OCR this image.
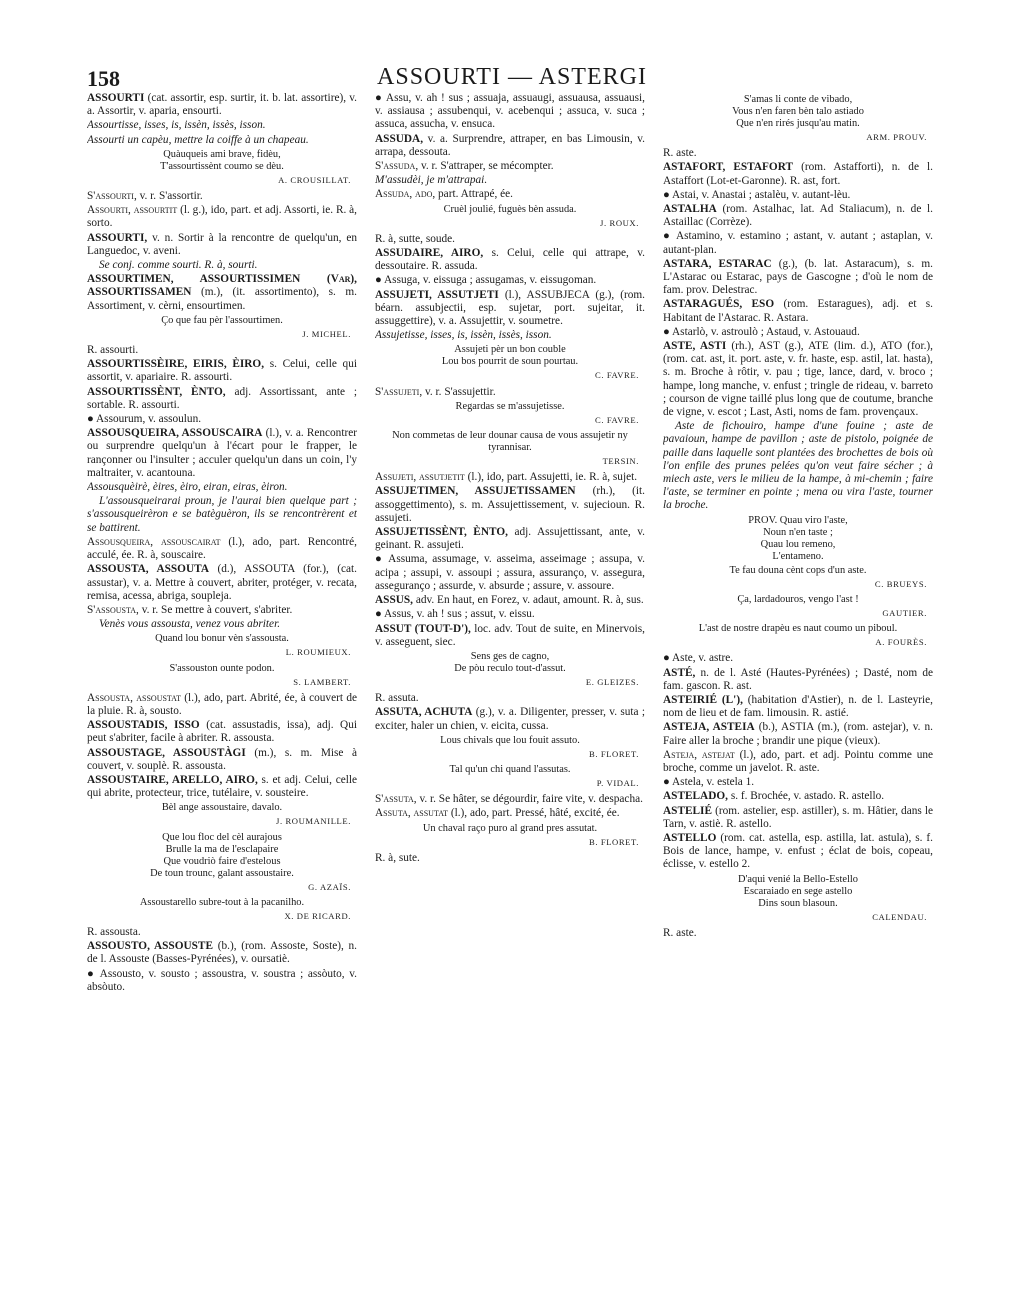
158	ASSOURTI — ASTERGI

ASSOURTI (cat. assortir, esp. surtir, it. b. lat. assortire), v. a. Assortir, v. aparia, ensourti.

Assourtisse, isses, is, issèn, issès, isson.

Assourti un capèu, mettre la coiffe à un chapeau.

Quàuqueis ami brave, fidèu,
T'assourtissènt coumo se dèu.
A. CROUSILLAT.

S'assourti, v. r. S'assortir.

Assourti, assourtit (l. g.), ido, part. et adj. Assorti, ie. R. à, sorto.

ASSOURTI, v. n. Sortir à la rencontre de quelqu'un, en Languedoc, v. aveni.

Se conj. comme sourti. R. à, sourti.

ASSOURTIMEN, ASSOURTISSIMEN (Var), ASSOURTISSAMEN (m.), (it. assortimento), s. m. Assortiment, v. cèrni, ensourtimen.

Ço que fau pèr l'assourtimen.
J. MICHEL.

R. assourti.

ASSOURTISSÈIRE, EIRIS, ÈIRO, s. Celui, celle qui assortit, v. apariaire. R. assourti.

ASSOURTISSÈNT, ÈNTO, adj. Assortissant, ante ; sortable. R. assourti.

● Assourum, v. assoulun.

ASSOUSQUEIRA, ASSOUSCAIRA (l.), v. a. Rencontrer ou surprendre quelqu'un à l'écart pour le frapper, le rançonner ou l'insulter ; acculer quelqu'un dans un coin, l'y maltraiter, v. acantouna.

Assousquèirè, èires, èiro, eiran, eiras, èiron.

L'assousqueirarai proun, je l'aurai bien quelque part ; s'assousqueirèron e se batèguèron, ils se rencontrèrent et se battirent.

Assousqueira, assouscairat (l.), ado, part. Rencontré, acculé, ée. R. à, souscaire.

ASSOUSTA, ASSOUTA (d.), ASSOUTA (for.), (cat. assustar), v. a. Mettre à couvert, abriter, protéger, v. recata, remisa, acessa, abriga, soupleja.

S'assousta, v. r. Se mettre à couvert, s'abriter.

Venès vous assousta, venez vous abriter.

Quand lou bonur vèn s'assousta.
L. ROUMIEUX.
S'assouston ounte podon.
S. LAMBERT.

Assousta, assoustat (l.), ado, part. Abrité, ée, à couvert de la pluie. R. à, sousto.

ASSOUSTADIS, ISSO (cat. assustadis, issa), adj. Qui peut s'abriter, facile à abriter. R. assousta.

ASSOUSTAGE, ASSOUSTÀGI (m.), s. m. Mise à couvert, v. souplè. R. assousta.

ASSOUSTAIRE, ARELLO, AIRO, s. et adj. Celui, celle qui abrite, protecteur, trice, tutélaire, v. sousteire.

Bèl ange assoustaire, davalo.
J. ROUMANILLE.
Que lou floc del cèl aurajous
Brulle la ma de l'esclapaire
Que voudriò faire d'estelous
De toun trounc, galant assoustaire.
G. AZAÏS.
Assoustarello subre-tout à la pacanilho.
X. DE RICARD.

R. assousta.

ASSOUSTO, ASSOUSTE (b.), (rom. Assoste, Soste), n. de l. Assouste (Basses-Pyrénées), v. oursatiè.

● Assousto, v. sousto ; assoustra, v. soustra ; assòuto, v. absòuto.

● Assu, v. ah ! sus ; assuaja, assuaugi, assuausa, assuausi, v. assiausa ; assubenqui, v. acebenqui ; assuca, v. suca ; assuca, assucha, v. ensuca.

ASSUDA, v. a. Surprendre, attraper, en bas Limousin, v. arrapa, dessouta.

S'assuda, v. r. S'attraper, se mécompter.

M'assudèi, je m'attrapai.

Assuda, ado, part. Attrapé, ée.

Cruèl joulié, fuguès bèn assuda.
J. ROUX.

R. à, sutte, soude.

ASSUDAIRE, AIRO, s. Celui, celle qui attrape, v. dessoutaire. R. assuda.

● Assuga, v. eissuga ; assugamas, v. eissugoman.

ASSUJETI, ASSUTJETI (l.), ASSUBJECA (g.), (rom. béarn. assubjectii, esp. sujetar, port. sujeitar, it. assuggettire), v. a. Assujettir, v. soumetre.

Assujetisse, isses, is, issèn, issès, isson.

Assujeti pèr un bon couble
Lou bos pourrit de soun pourtau.
C. FAVRE.

S'assujeti, v. r. S'assujettir.

Regardas se m'assujetisse.
C. FAVRE.
Non commetas de leur dounar causa de vous assujetir ny tyrannisar.
TERSIN.

Assujeti, assutjetit (l.), ido, part. Assujetti, ie. R. à, sujet.

ASSUJETIMEN, ASSUJETISSAMEN (rh.), (it. assoggettimento), s. m. Assujettissement, v. sujecioun. R. assujeti.

ASSUJETISSÈNT, ÈNTO, adj. Assujettissant, ante, v. geinant. R. assujeti.

● Assuma, assumage, v. asseima, asseimage ; assupa, v. acipa ; assupi, v. assoupi ; assura, assuranço, v. assegura, asseguranço ; assurde, v. absurde ; assure, v. assoure.

ASSUS, adv. En haut, en Forez, v. adaut, amount. R. à, sus.

● Assus, v. ah ! sus ; assut, v. eissu.

ASSUT (TOUT-D'), loc. adv. Tout de suite, en Minervois, v. asseguent, siec.

Sens ges de cagno,
De pòu reculo tout-d'assut.
E. GLEIZES.

R. assuta.

ASSUTA, ACHUTA (g.), v. a. Diligenter, presser, v. suta ; exciter, haler un chien, v. eicita, cussa.

Lous chivals que lou fouit assuto.
B. FLORET.
Tal qu'un chi quand l'assutas.
P. VIDAL.

S'assuta, v. r. Se hâter, se dégourdir, faire vite, v. despacha.

Assuta, assutat (l.), ado, part. Pressé, hâté, excité, ée.

Un chaval raço puro al grand pres assutat.
B. FLORET.

R. à, sute.

S'amas li conte de vibado,
Vous n'en faren bèn talo astiado
Que n'en rirés jusqu'au matin.
ARM. PROUV.

R. aste.

ASTAFORT, ESTAFORT (rom. Astafforti), n. de l. Astaffort (Lot-et-Garonne). R. ast, fort.

● Astai, v. Anastai ; astalèu, v. autant-lèu.

ASTALHA (rom. Astalhac, lat. Ad Staliacum), n. de l. Astaillac (Corrèze).

● Astamino, v. estamino ; astant, v. autant ; astaplan, v. autant-plan.

ASTARA, ESTARAC (g.), (b. lat. Astaracum), s. m. L'Astarac ou Estarac, pays de Gascogne ; d'où le nom de fam. prov. Delestrac.

ASTARAGUÉS, ESO (rom. Estaragues), adj. et s. Habitant de l'Astarac. R. Astara.

● Astarlò, v. astroulò ; Astaud, v. Astouaud.

ASTE, ASTI (rh.), AST (g.), ATE (lim. d.), ATO (for.), (rom. cat. ast, it. port. aste, v. fr. haste, esp. astil, lat. hasta), s. m. Broche à rôtir, v. pau ; tige, lance, dard, v. broco ; hampe, long manche, v. enfust ; tringle de rideau, v. barreto ; courson de vigne taillé plus long que de coutume, branche de vigne, v. escot ; Last, Asti, noms de fam. provençaux.

Aste de fichouiro, hampe d'une fouine ; aste de pavaioun, hampe de pavillon ; aste de pistolo, poignée de paille dans laquelle sont plantées des brochettes de bois où l'on enfile des prunes pelées qu'on veut faire sécher ; à miech aste, vers le milieu de la hampe, à mi-chemin ; faire l'aste, se terminer en pointe ; mena ou vira l'aste, tourner la broche.

PROV. Quau viro l'aste,
Noun n'en taste ;
Quau lou remeno,
L'entameno.
Te fau douna cènt cops d'un aste.
C. BRUEYS.
Ça, lardadouros, vengo l'ast !
GAUTIER.
L'ast de nostre drapèu es naut coumo un piboul.
A. FOURÈS.

● Aste, v. astre.

ASTÉ, n. de l. Asté (Hautes-Pyrénées) ; Dasté, nom de fam. gascon. R. ast.

ASTEIRIÉ (L'), (habitation d'Astier), n. de l. Lasteyrie, nom de lieu et de fam. limousin. R. astié.

ASTEJA, ASTEIA (b.), ASTIA (m.), (rom. astejar), v. n. Faire aller la broche ; brandir une pique (vieux).

Asteja, astejat (l.), ado, part. et adj. Pointu comme une broche, comme un javelot. R. aste.

● Astela, v. estela 1.

ASTELADO, s. f. Brochée, v. astado. R. astello.

ASTELIÉ (rom. astelier, esp. astiller), s. m. Hâtier, dans le Tarn, v. astiè. R. astello.

ASTELLO (rom. cat. astella, esp. astilla, lat. astula), s. f. Bois de lance, hampe, v. enfust ; éclat de bois, copeau, éclisse, v. estello 2.

D'aqui venié la Bello-Estello
Escaraiado en sege astello
Dins soun blasoun.
CALENDAU.

R. aste.
